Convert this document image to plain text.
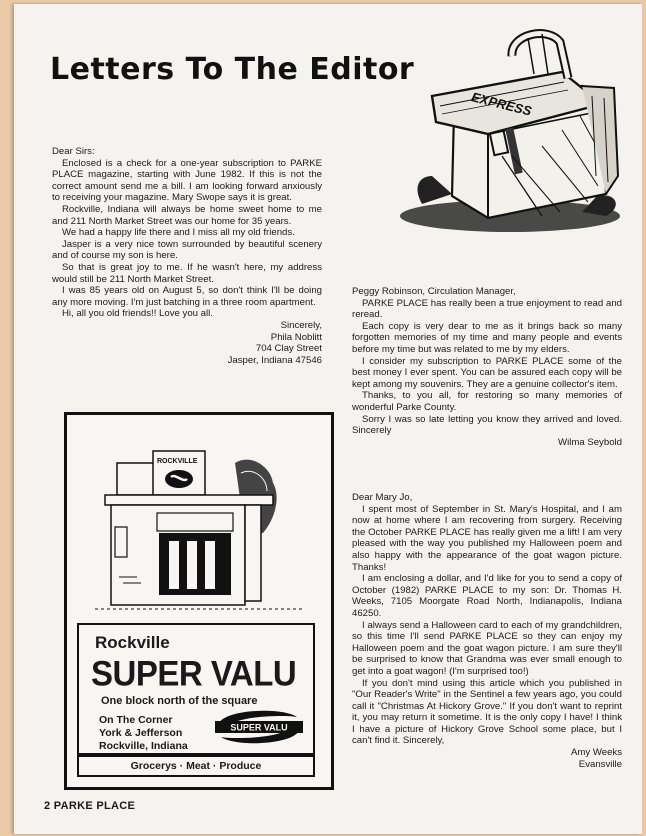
Letters To The Editor
EXPRESS

Dear Sirs:

Enclosed is a check for a one-year subscription to PARKE PLACE magazine, starting with June 1982. If this is not the correct amount send me a bill. I am looking forward anxiously to receiving your magazine. Mary Swope says it is great.

Rockville, Indiana will always be home sweet home to me and 211 North Market Street was our home for 35 years.

We had a happy life there and I miss all my old friends.

Jasper is a very nice town surrounded by beautiful scenery and of course my son is here.

So that is great joy to me. If he wasn't here, my address would still be 211 North Market Street.

I was 85 years old on August 5, so don't think I'll be doing any more moving. I'm just batching in a three room apartment.

Hi, all you old friends!! Love you all.

Sincerely,

Phila Noblitt

704 Clay Street

Jasper, Indiana 47546

Peggy Robinson, Circulation Manager,

PARKE PLACE has really been a true enjoyment to read and reread.

Each copy is very dear to me as it brings back so many forgotten memories of my time and many people and events before my time but was related to me by my elders.

I consider my subscription to PARKE PLACE some of the best money I ever spent. You can be assured each copy will be kept among my souvenirs. They are a genuine collector's item.

Thanks, to you all, for restoring so many memories of wonderful Parke County.

Sorry I was so late letting you know they arrived and loved. Sincerely

Wilma Seybold

Dear Mary Jo,

I spent most of September in St. Mary's Hospital, and I am now at home where I am recovering from surgery. Receiving the October PARKE PLACE has really given me a lift! I am very pleased with the way you published my Halloween poem and also happy with the appearance of the goat wagon picture. Thanks!

I am enclosing a dollar, and I'd like for you to send a copy of October (1982) PARKE PLACE to my son: Dr. Thomas H. Weeks, 7105 Moorgate Road North, Indianapolis, Indiana 46250.

I always send a Halloween card to each of my grandchildren, so this time I'll send PARKE PLACE so they can enjoy my Halloween poem and the goat wagon picture. I am sure they'll be surprised to know that Grandma was ever small enough to get into a goat wagon! (I'm surprised too!)

If you don't mind using this article which you published in "Our Reader's Write" in the Sentinel a few years ago, you could call it "Christmas At Hickory Grove." If you don't want to reprint it, you may return it sometime. It is the only copy I have! I think I have a picture of Hickory Grove School some place, but I can't find it. Sincerely,

Amy Weeks

Evansville

ROCKVILLE
Rockville
SUPER VALU
One block north of the square
On The Corner
York & Jefferson
Rockville, Indiana
SUPER VALU
Grocerys · Meat · Produce
2 PARKE PLACE
